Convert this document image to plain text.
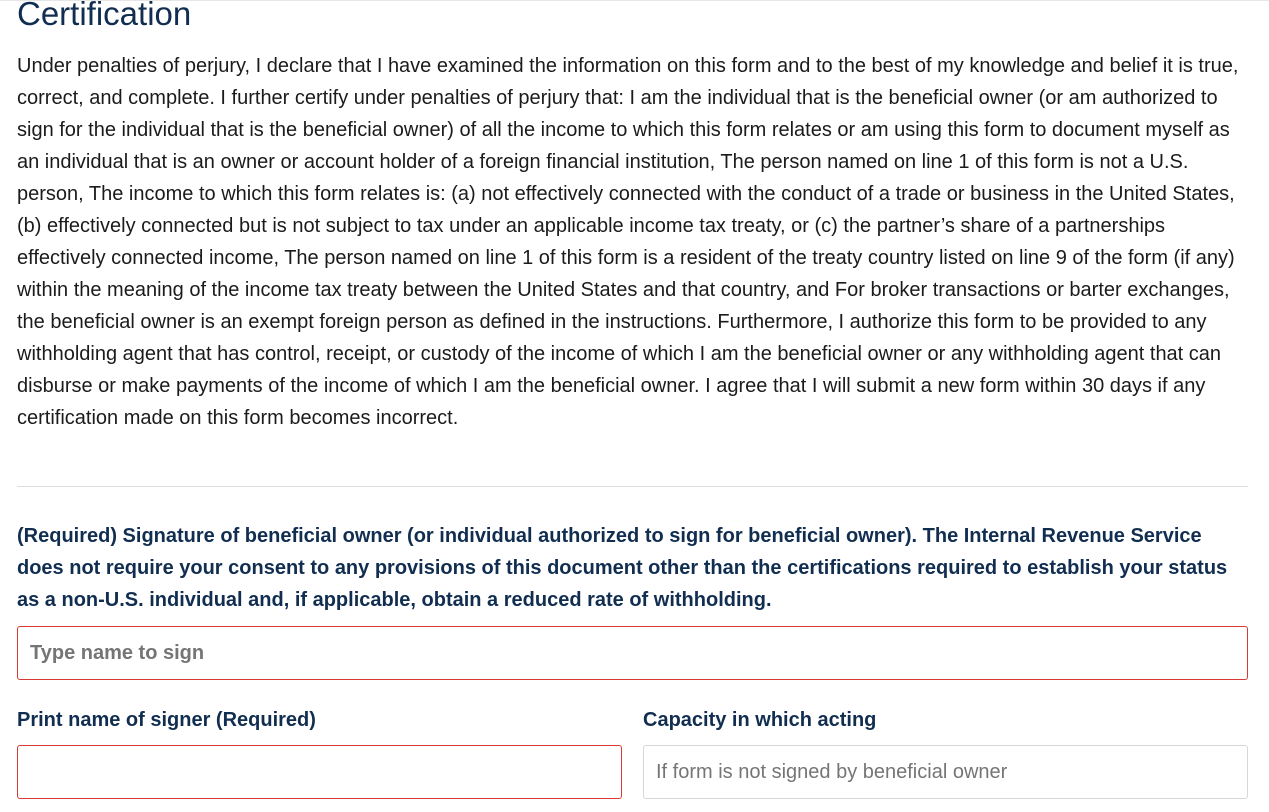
Certification

Under penalties of perjury, I declare that I have examined the information on this form and to the best of my knowledge and belief it is true, correct, and complete. I further certify under penalties of perjury that: I am the individual that is the beneficial owner (or am authorized to sign for the individual that is the beneficial owner) of all the income to which this form relates or am using this form to document myself as an individual that is an owner or account holder of a foreign financial institution, The person named on line 1 of this form is not a U.S. person, The income to which this form relates is: (a) not effectively connected with the conduct of a trade or business in the United States, (b) effectively connected but is not subject to tax under an applicable income tax treaty, or (c) the partner’s share of a partnerships effectively connected income, The person named on line 1 of this form is a resident of the treaty country listed on line 9 of the form (if any) within the meaning of the income tax treaty between the United States and that country, and For broker transactions or barter exchanges, the beneficial owner is an exempt foreign person as defined in the instructions. Furthermore, I authorize this form to be provided to any withholding agent that has control, receipt, or custody of the income of which I am the beneficial owner or any withholding agent that can disburse or make payments of the income of which I am the beneficial owner. I agree that I will submit a new form within 30 days if any certification made on this form becomes incorrect.

(Required) Signature of beneficial owner (or individual authorized to sign for beneficial owner). The Internal Revenue Service does not require your consent to any provisions of this document other than the certifications required to establish your status as a non-U.S. individual and, if applicable, obtain a reduced rate of withholding.

Type name to sign
Print name of signer (Required)	Capacity in which acting
If form is not signed by beneficial owner
